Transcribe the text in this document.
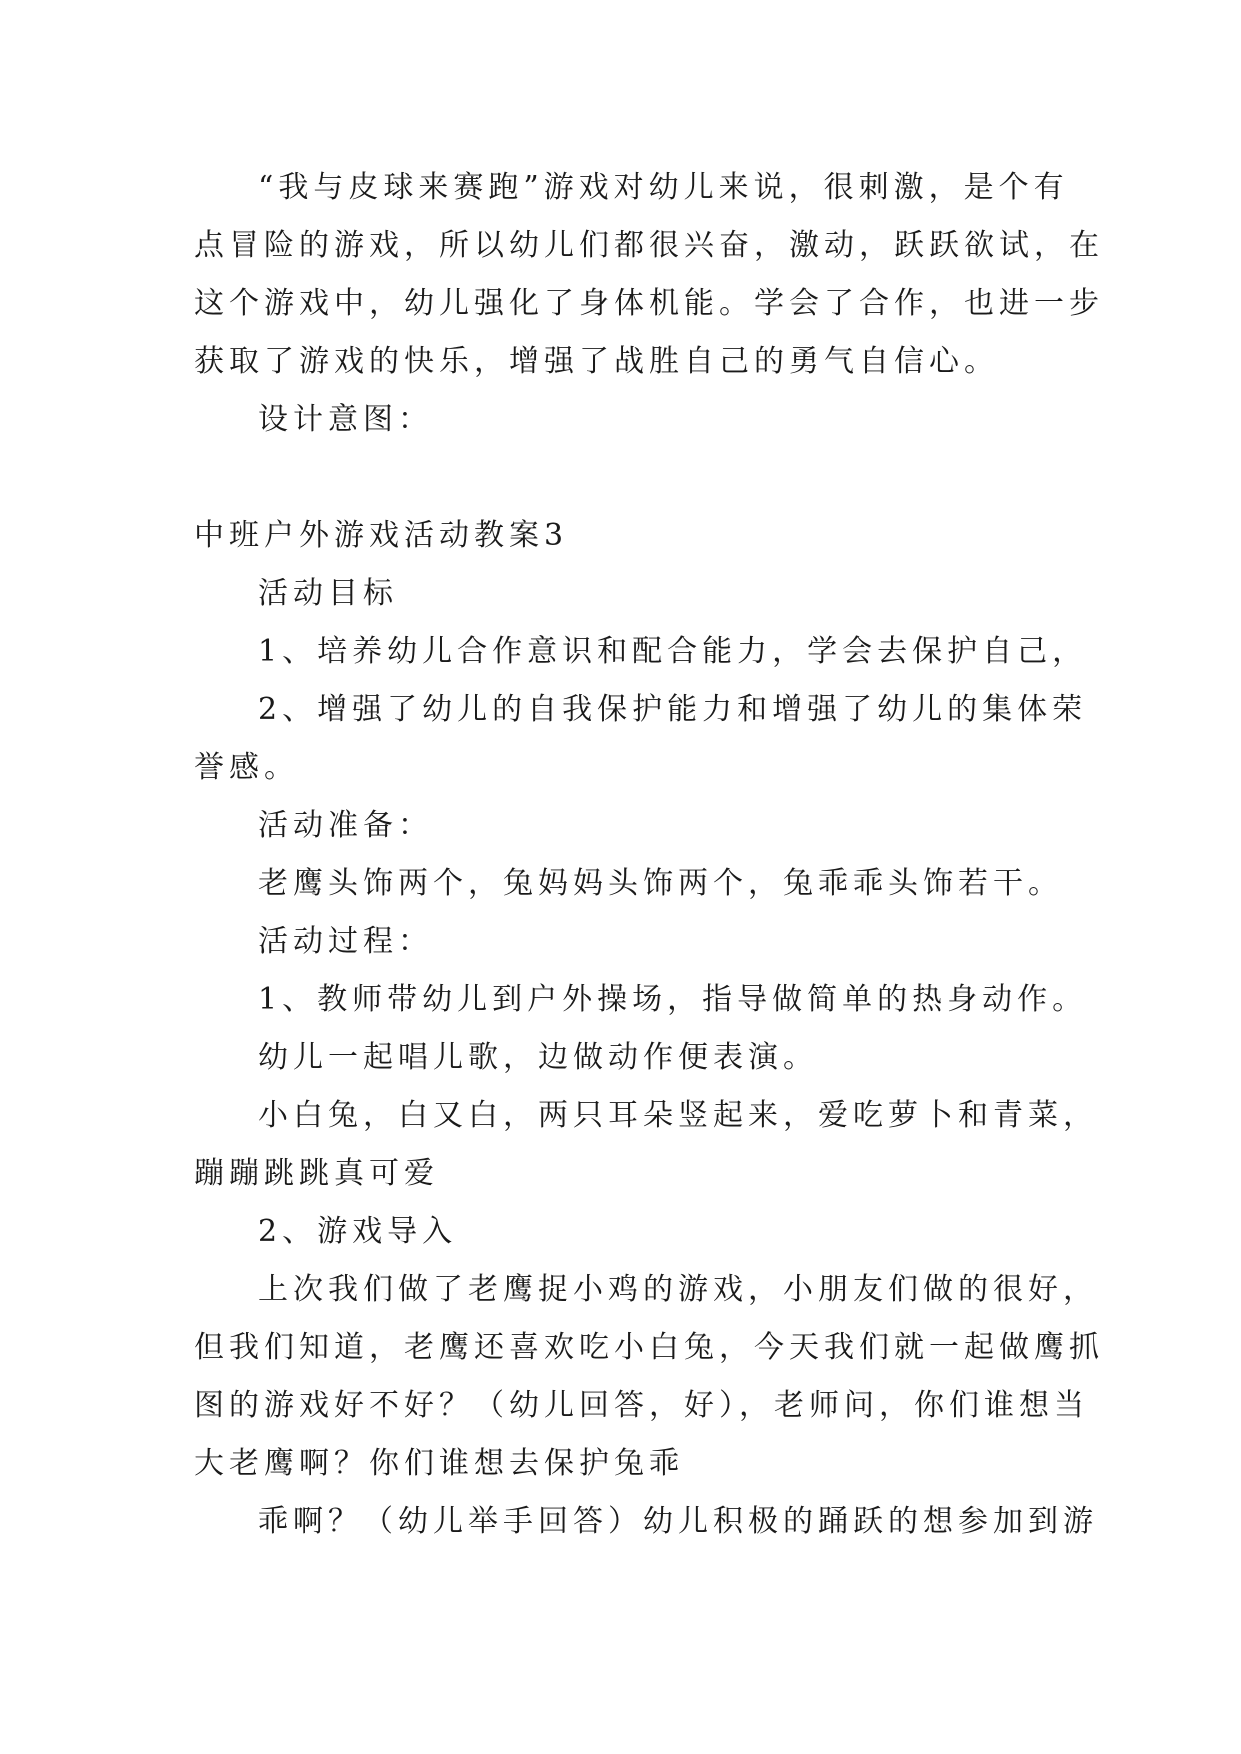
“我与皮球来赛跑”游戏对幼儿来说，很刺激，是个有
点冒险的游戏，所以幼儿们都很兴奋，激动，跃跃欲试，在
这个游戏中，幼儿强化了身体机能。学会了合作，也进一步
获取了游戏的快乐，增强了战胜自己的勇气自信心。
设计意图：
中班户外游戏活动教案3
活动目标
1、培养幼儿合作意识和配合能力，学会去保护自己，
2、增强了幼儿的自我保护能力和增强了幼儿的集体荣
誉感。
活动准备：
老鹰头饰两个，兔妈妈头饰两个，兔乖乖头饰若干。
活动过程：
1、教师带幼儿到户外操场，指导做简单的热身动作。
幼儿一起唱儿歌，边做动作便表演。
小白兔，白又白，两只耳朵竖起来，爱吃萝卜和青菜，
蹦蹦跳跳真可爱
2、游戏导入
上次我们做了老鹰捉小鸡的游戏，小朋友们做的很好，
但我们知道，老鹰还喜欢吃小白兔，今天我们就一起做鹰抓
图的游戏好不好？（幼儿回答，好），老师问，你们谁想当
大老鹰啊？你们谁想去保护兔乖
乖啊？（幼儿举手回答）幼儿积极的踊跃的想参加到游
